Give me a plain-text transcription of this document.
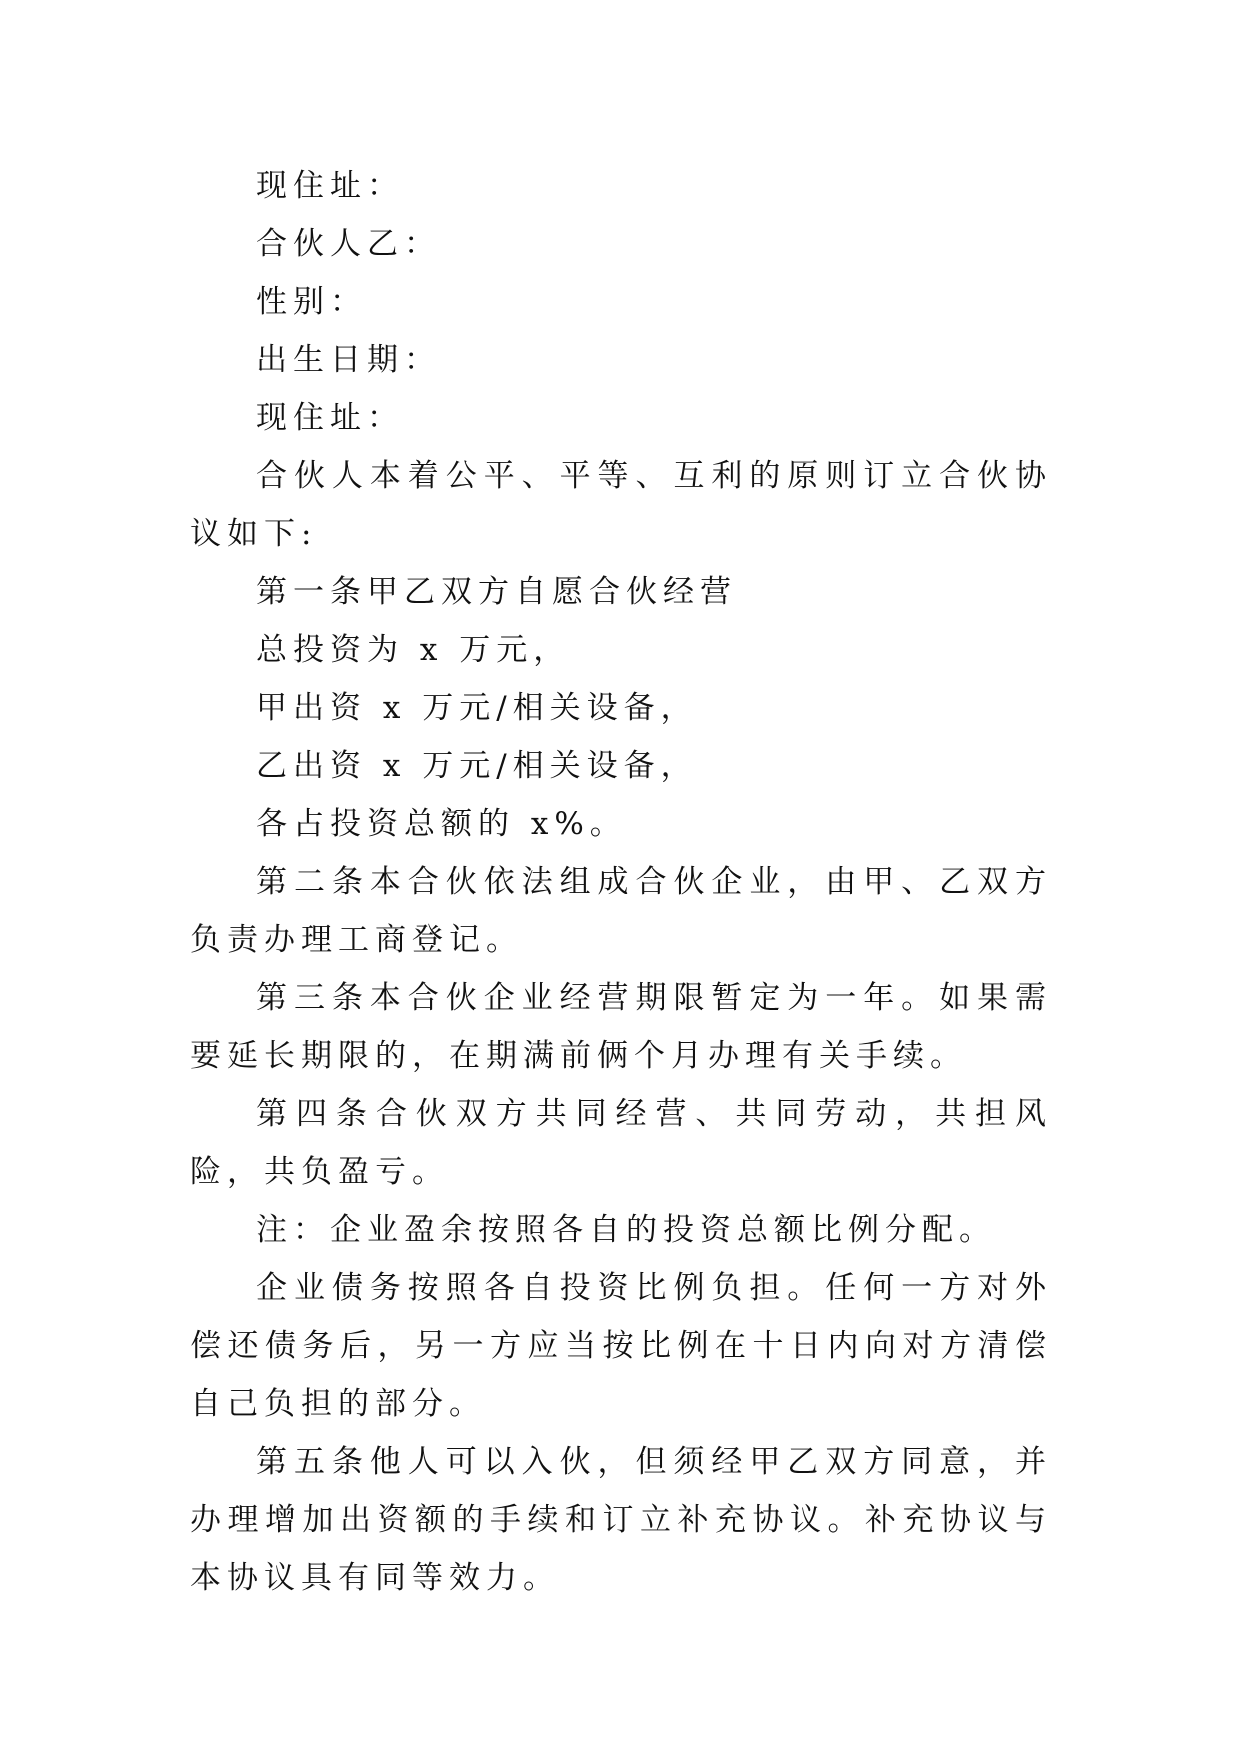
现住址：

合伙人乙：

性别：

出生日期：

现住址：

合伙人本着公平、平等、互利的原则订立合伙协议如下:

第一条甲乙双方自愿合伙经营

总投资为 x 万元，

甲出资 x 万元/相关设备，

乙出资 x 万元/相关设备，

各占投资总额的 x%。

第二条本合伙依法组成合伙企业，由甲、乙双方负责办理工商登记。

第三条本合伙企业经营期限暂定为一年。如果需要延长期限的，在期满前俩个月办理有关手续。

第四条合伙双方共同经营、共同劳动，共担风险，共负盈亏。

注：企业盈余按照各自的投资总额比例分配。

企业债务按照各自投资比例负担。任何一方对外偿还债务后，另一方应当按比例在十日内向对方清偿自己负担的部分。

第五条他人可以入伙，但须经甲乙双方同意，并办理增加出资额的手续和订立补充协议。补充协议与本协议具有同等效力。
